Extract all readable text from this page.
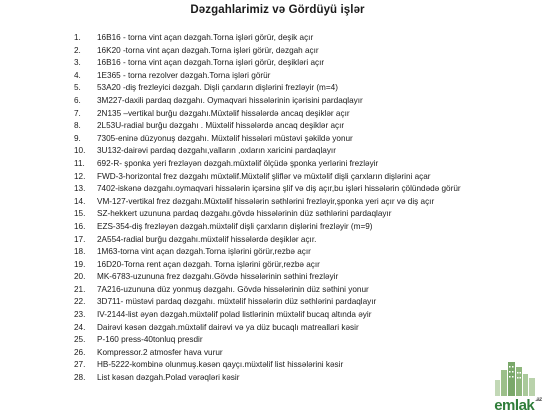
Dəzgahlarimiz və Gördüyü işlər
1.	16B16 - torna vint açan dəzgah.Torna işləri görür, deşik açır
2.	16K20 -torna vint açan dəzgah.Torna işləri görür, dəzgah açır
3.	16B16 - torna vint açan dəzgah.Torna işləri görür, deşikləri açır
4.	1E365 - torna rezolver dəzgah.Torna işləri görür
5.	53A20 -diş frezleyici dəzgah. Dişli çarxların dişlərini frezləyir (m=4)
6.	3M227-daxili pardaq dəzgahı. Oymaqvari hissələrinin içərisini pardaqlayır
7.	2N135 –vertikal burğu dəzgahı.Müxtəlif hissələrdə ancaq deşiklər açır
8.	2L53U-radial burğu dəzgahı . Müxtəlif hissələrdə ancaq deşiklər açır
9.	7305-eninə düzyonuş dəzgahı. Müxtəlif hissələri müstəvi şəkildə yonur
10.	3U132-dairəvi pardaq dəzgahı,valların ,oxların xaricini pardaqlayır
11.	692-R- şponka yeri frezləyən dəzgah.müxtəlif ölçüdə şponka yerlərini frezləyir
12.	FWD-3-horizontal frez dəzgahı müxtəlif.Müxtəlif şliflər və müxtəlif dişli çarxların dişlərini açar
13.	7402-iskənə dəzgahı.oymaqvari hissələrin içərsinə şlif və diş açır,bu işləri hissələrin çölündədə görür
14.	VM-127-vertikal frez dəzgahı.Müxtəlif hissələrin səthlərini frezləyir,şponka yeri açır və diş açır
15.	SZ-hekkert uzununa pardaq dəzgahı.gövdə hissələrinin düz səthlərini pardaqlayır
16.	EZS-354-diş frezləyən dəzgah.müxtəlif dişli çarxların dişlərini frezləyir (m=9)
17.	2A554-radial burğu dəzgahı.müxtəlif hissələrdə deşiklər açır.
18.	1M63-torna vint açan dəzgah.Torna işlərini görür,rezbə açır
19.	16D20-Torna rent açan dəzgah. Torna işlərini görür,rezbə açır
20.	MK-6783-uzununa frez dəzgahı.Gövdə hissələrinin səthini frezləyir
21.	7A216-uzununa düz yonmuş dəzgahı. Gövdə hissələrinin düz səthini yonur
22.	3D711- müstəvi pardaq dəzgahı. müxtəlif hissələrin düz səthlərini pardaqlayır
23.	IV-2144-list əyən dəzgah.müxtəlif polad listlərinin müxtəlif bucaq altında əyir
24.	Dairəvi kəsən dəzgah.müxtəlif dairəvi və ya düz bucaqlı matreallari kəsir
25.	P-160 press-40tonluq presdir
26.	Kompressor.2 atmosfer hava vurur
27.	HB-5222-kombinə olunmuş.kəsən qayçı.müxtəlif list hissələrini kəsir
28.	List kəsən dəzgah.Polad vərəqləri kəsir
emlak$^{.az}$
